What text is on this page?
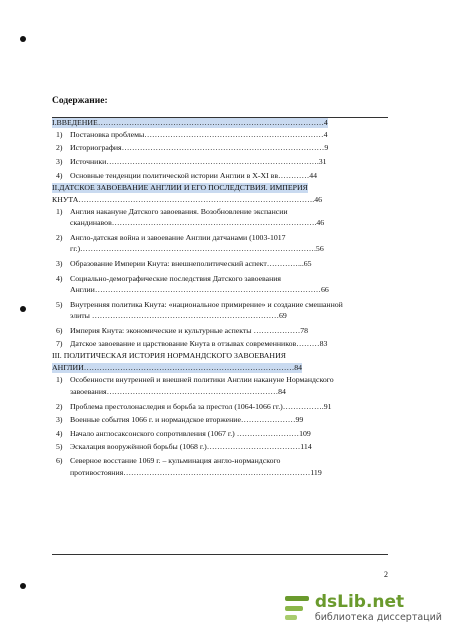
Содержание:
I.ВВЕДЕНИЕ……………………………………………………………………………4
1) Постановка проблемы……………………………………………………………4
2) Историография……………………………………………………………………9
3) Источники……………………………………………………………………….31
4) Основные тенденции политической истории Англии в X-XI вв…………44
II.ДАТСКОЕ ЗАВОЕВАНИЕ АНГЛИИ И ЕГО ПОСЛЕДСТВИЯ. ИМПЕРИЯ
КНУТА……………………………………………………………………………….46
1) Англия накануне Датского завоевания. Возобновление экспансии
скандинавов…………………………………………………………………….46
2) Англо-датская война и завоевание Англии датчанами (1003-1017
гг.)……………………………………………………………………………….56
3) Образование Империи Кнута: внешнеполитический аспект…………...65
4) Социально-демографические последствия Датского завоевания
Англии……………………………………………………………………………66
5) Внутренняя политика Кнута: «национальное примирение» и создание смешанной
элиты ………………………………………………………………69
6) Империя Кнута: экономические и культурные аспекты ………………78
7) Датское завоевание и царствование Кнута в отзывах современников………83
III. ПОЛИТИЧЕСКАЯ ИСТОРИЯ НОРМАНДСКОГО ЗАВОЕВАНИЯ
АНГЛИИ………………………………………………………………………84
1) Особенности внутренней и внешней политики Англии накануне Нормандского
завоевания…………………………………………………………84
2) Проблема престолонаследия и борьба за престол (1064-1066 гг.)…………….91
3) Военные события 1066 г. и нормандское вторжение…………………99
4) Начало англосаксонского сопротивления (1067 г.) ……………………109
5) Эскалация вооружённой борьбы (1068 г.)………………………………114
6) Северное восстание 1069 г. – кульминация англо-нормандского
противостояния………………………………………………………………119
2
dsLib.net
библиотека диссертаций
